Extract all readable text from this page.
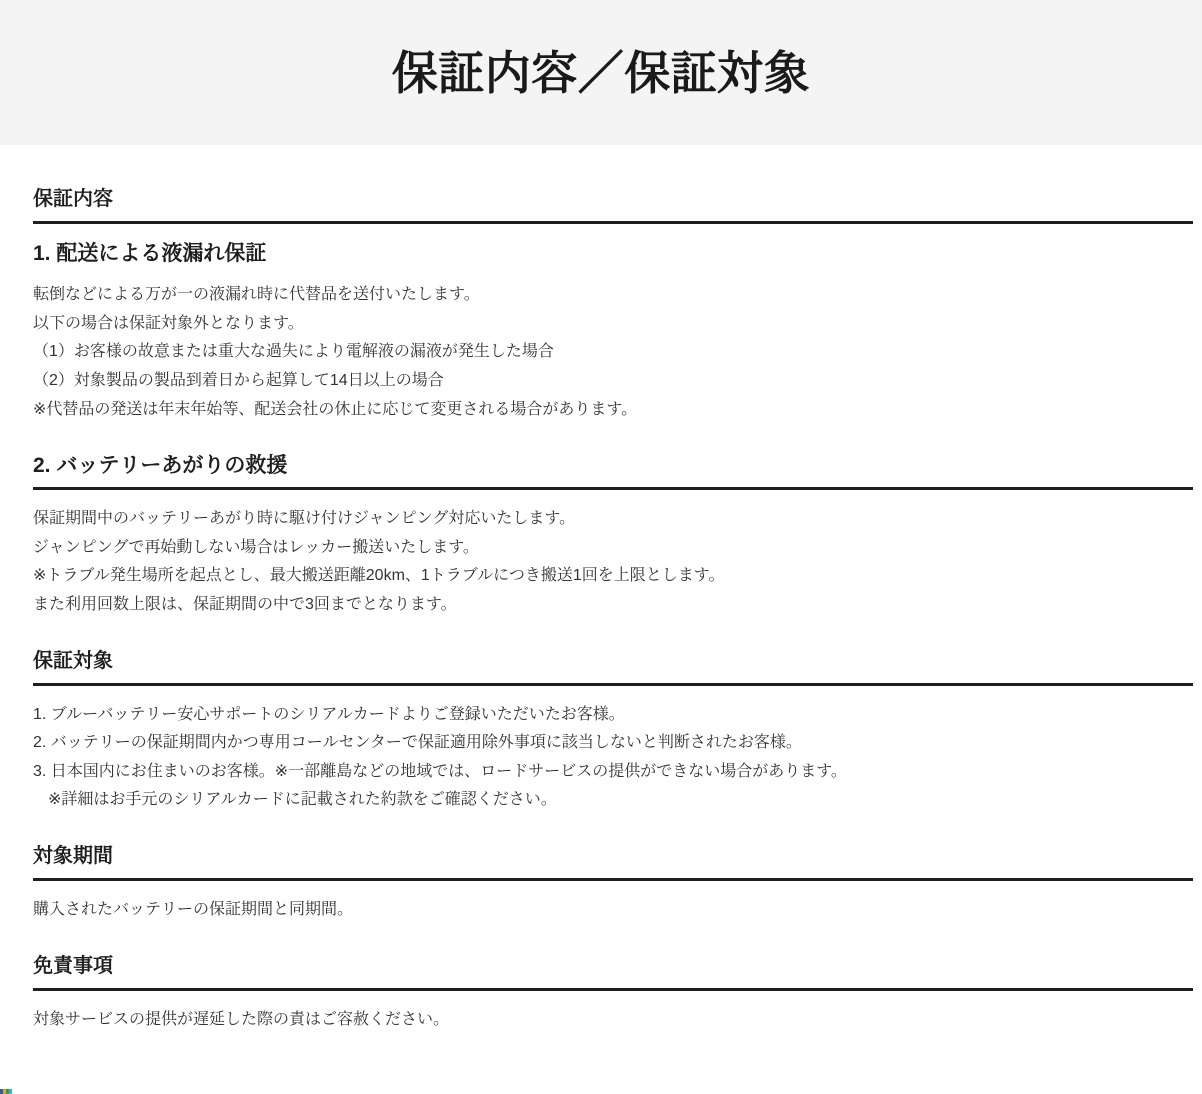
保証内容／保証対象
保証内容
1. 配送による液漏れ保証
転倒などによる万が一の液漏れ時に代替品を送付いたします。
以下の場合は保証対象外となります。
（1）お客様の故意または重大な過失により電解液の漏液が発生した場合
（2）対象製品の製品到着日から起算して14日以上の場合
※代替品の発送は年末年始等、配送会社の休止に応じて変更される場合があります。
2. バッテリーあがりの救援
保証期間中のバッテリーあがり時に駆け付けジャンピング対応いたします。
ジャンピングで再始動しない場合はレッカー搬送いたします。
※トラブル発生場所を起点とし、最大搬送距離20km、1トラブルにつき搬送1回を上限とします。
また利用回数上限は、保証期間の中で3回までとなります。
保証対象
1. ブルーバッテリー安心サポートのシリアルカードよりご登録いただいたお客様。
2. バッテリーの保証期間内かつ専用コールセンターで保証適用除外事項に該当しないと判断されたお客様。
3. 日本国内にお住まいのお客様。※一部離島などの地域では、ロードサービスの提供ができない場合があります。
※詳細はお手元のシリアルカードに記載された約款をご確認ください。
対象期間
購入されたバッテリーの保証期間と同期間。
免責事項
対象サービスの提供が遅延した際の責はご容赦ください。
